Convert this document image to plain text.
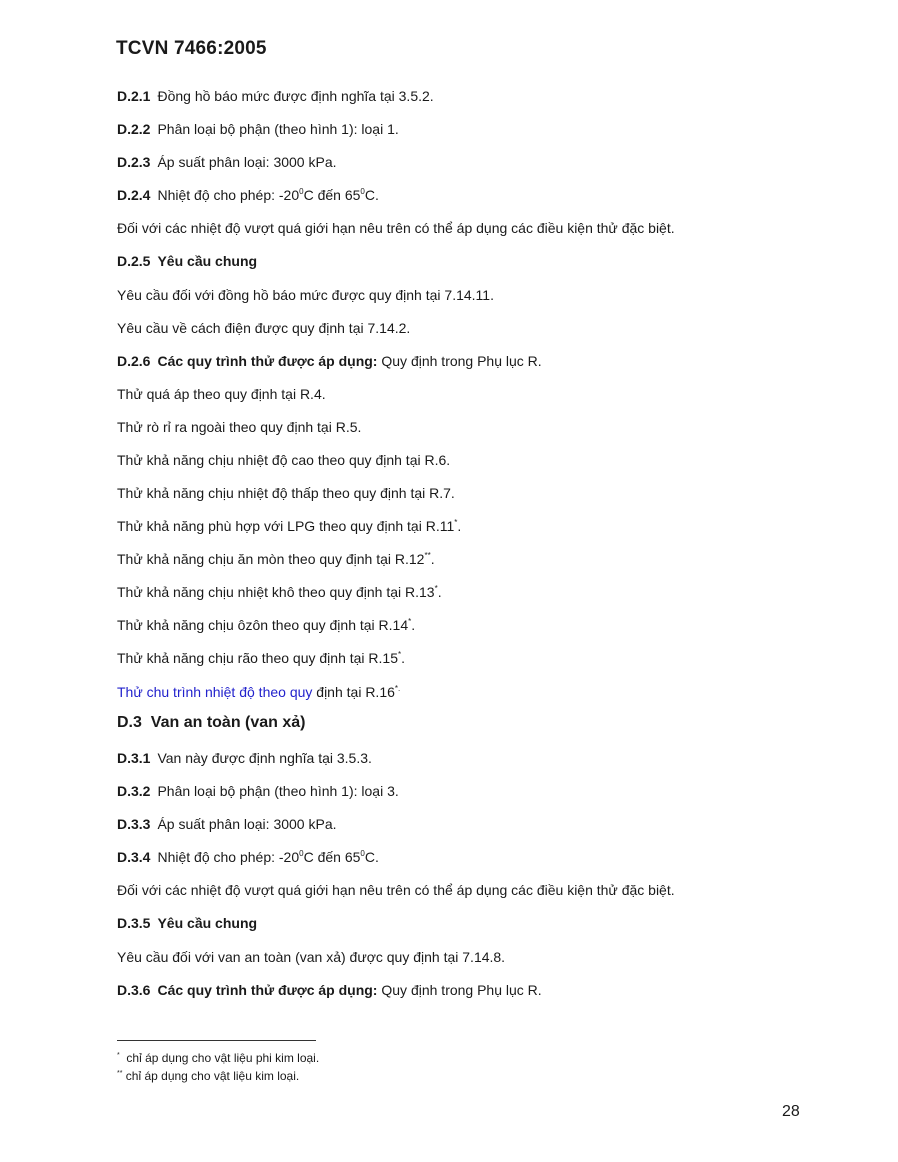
TCVN 7466:2005
D.2.1 Đồng hồ báo mức được định nghĩa tại 3.5.2.
D.2.2 Phân loại bộ phận (theo hình 1): loại 1.
D.2.3 Áp suất phân loại: 3000 kPa.
D.2.4 Nhiệt độ cho phép: $-20^0C$ đến $65^0C$.
Đối với các nhiệt độ vượt quá giới hạn nêu trên có thể áp dụng các điều kiện thử đặc biệt.
D.2.5 Yêu cầu chung
Yêu cầu đối với đồng hồ báo mức được quy định tại 7.14.11.
Yêu cầu về cách điện được quy định tại 7.14.2.
D.2.6 Các quy trình thử được áp dụng: Quy định trong Phụ lục R.
Thử quá áp theo quy định tại R.4.
Thử rò rỉ ra ngoài theo quy định tại R.5.
Thử khả năng chịu nhiệt độ cao theo quy định tại R.6.
Thử khả năng chịu nhiệt độ thấp theo quy định tại R.7.
Thử khả năng phù hợp với LPG theo quy định tại R.11*.
Thử khả năng chịu ăn mòn theo quy định tại R.12**.
Thử khả năng chịu nhiệt khô theo quy định tại R.13*.
Thử khả năng chịu ôzôn theo quy định tại R.14*.
Thử khả năng chịu rão theo quy định tại R.15*.
Thử chu trình nhiệt độ theo quy định tại R.16*.
D.3 Van an toàn (van xả)
D.3.1 Van này được định nghĩa tại 3.5.3.
D.3.2 Phân loại bộ phận (theo hình 1): loại 3.
D.3.3 Áp suất phân loại: 3000 kPa.
D.3.4 Nhiệt độ cho phép: $-20^0C$ đến $65^0C$.
Đối với các nhiệt độ vượt quá giới hạn nêu trên có thể áp dụng các điều kiện thử đặc biệt.
D.3.5 Yêu cầu chung
Yêu cầu đối với van an toàn (van xả) được quy định tại 7.14.8.
D.3.6 Các quy trình thử được áp dụng: Quy định trong Phụ lục R.
* chỉ áp dụng cho vật liệu phi kim loại.
** chỉ áp dụng cho vật liệu kim loại.
28
